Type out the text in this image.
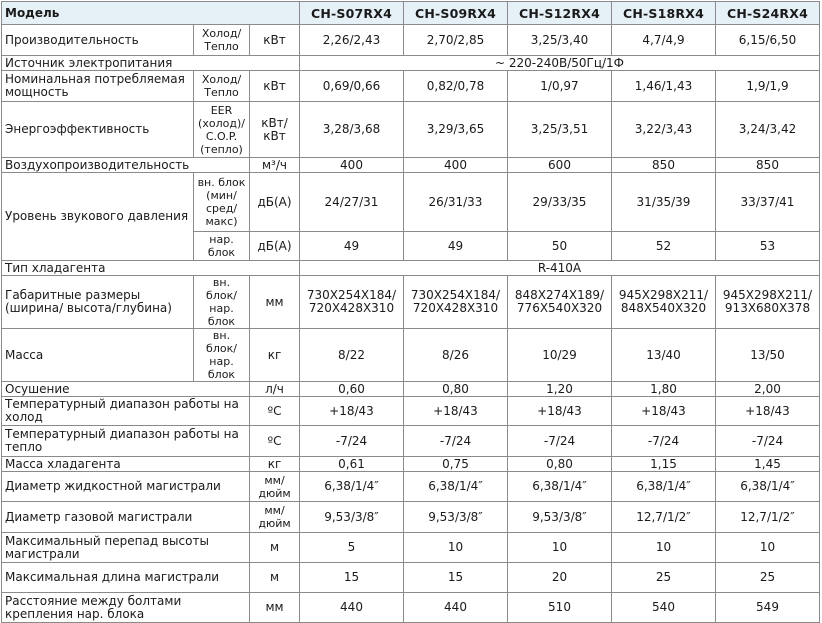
Модель			CH-S07RX4	CH-S09RX4	CH-S12RX4	CH-S18RX4	CH-S24RX4
Производительность	Холод/ Тепло	кВт	2,26/2,43	2,70/2,85	3,25/3,40	4,7/4,9	6,15/6,50
Источник электропитания			~ 220-240В/50Гц/1Ф				
Номинальная потребляемая мощность	Холод/ Тепло	кВт	0,69/0,66	0,82/0,78	1/0,97	1,46/1,43	1,9/1,9
Энергоэффективность	EER (холод)/ C.O.P. (тепло)	кВт/ кВт	3,28/3,68	3,29/3,65	3,25/3,51	3,22/3,43	3,24/3,42
Воздухопроизводительность		м³/ч	400	400	600	850	850
Уровень звукового давления	вн. блок (мин/ сред/ макс)	дБ(А)	24/27/31	26/31/33	29/33/35	31/35/39	33/37/41
	нар. блок	дБ(А)	49	49	50	52	53
Тип хладагента			R-410A				
Габаритные размеры (ширина/ высота/глубина)	вн. блок/ нар. блок	мм	730X254X184/ 720X428X310	730X254X184/ 720X428X310	848X274X189/ 776X540X320	945X298X211/ 848X540X320	945X298X211/ 913X680X378
Масса	вн. блок/ нар. блок	кг	8/22	8/26	10/29	13/40	13/50
Осушение		л/ч	0,60	0,80	1,20	1,80	2,00
Температурный диапазон работы на холод		ºC	+18/43	+18/43	+18/43	+18/43	+18/43
Температурный диапазон работы на тепло		ºC	-7/24	-7/24	-7/24	-7/24	-7/24
Масса хладагента		кг	0,61	0,75	0,80	1,15	1,45
Диаметр жидкостной магистрали		мм/ дюйм	6,38/1/4″	6,38/1/4″	6,38/1/4″	6,38/1/4″	6,38/1/4″
Диаметр газовой магистрали		мм/ дюйм	9,53/3/8″	9,53/3/8″	9,53/3/8″	12,7/1/2″	12,7/1/2″
Максимальный перепад высоты магистрали		м	5	10	10	10	10
Максимальная длина магистрали		м	15	15	20	25	25
Расстояние между болтами крепления нар. блока		мм	440	440	510	540	549
